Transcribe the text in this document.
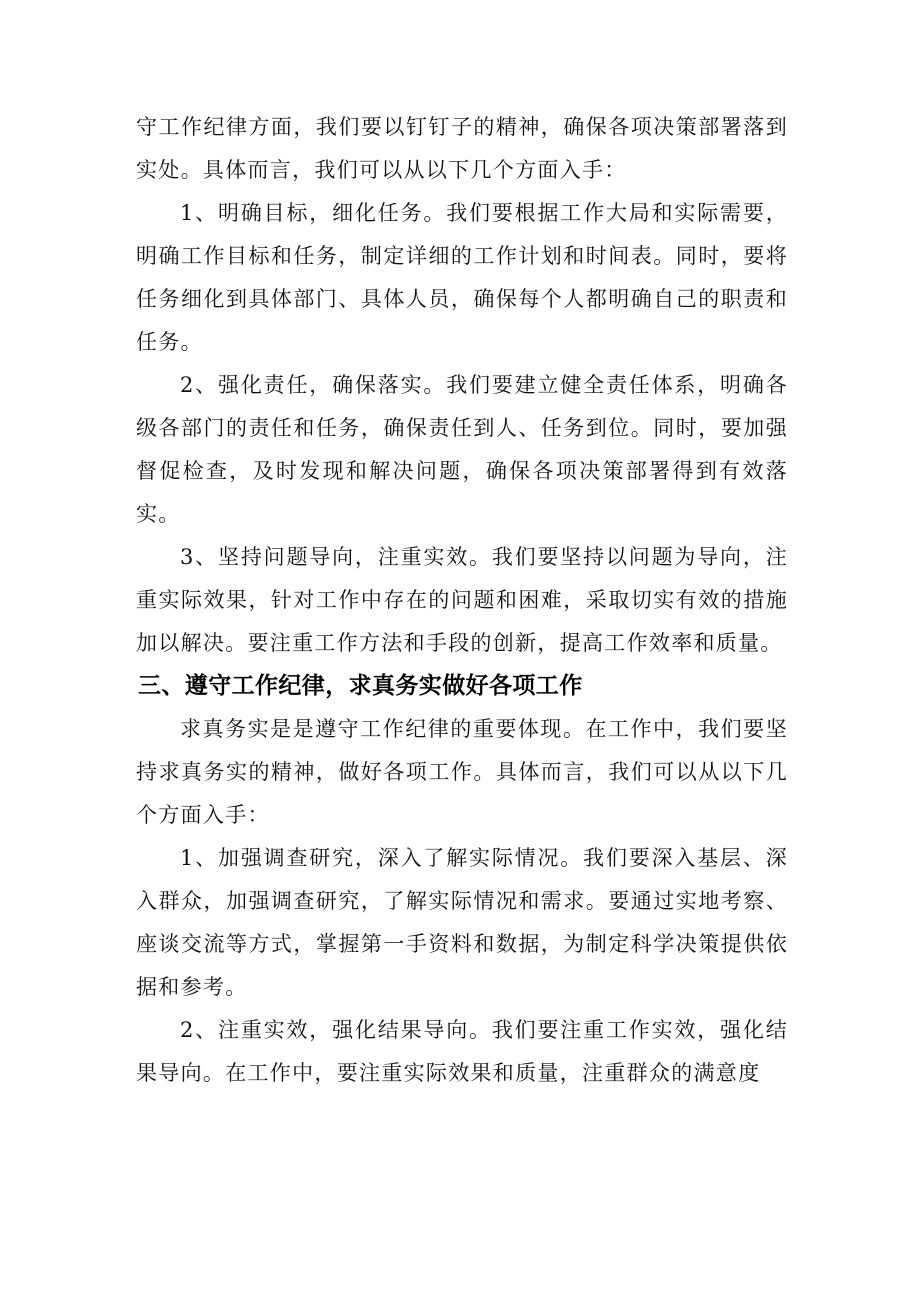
守工作纪律方面，我们要以钉钉子的精神，确保各项决策部署落到实处。具体而言，我们可以从以下几个方面入手：

1、明确目标，细化任务。我们要根据工作大局和实际需要，明确工作目标和任务，制定详细的工作计划和时间表。同时，要将任务细化到具体部门、具体人员，确保每个人都明确自己的职责和任务。

2、强化责任，确保落实。我们要建立健全责任体系，明确各级各部门的责任和任务，确保责任到人、任务到位。同时，要加强督促检查，及时发现和解决问题，确保各项决策部署得到有效落实。

3、坚持问题导向，注重实效。我们要坚持以问题为导向，注重实际效果，针对工作中存在的问题和困难，采取切实有效的措施加以解决。要注重工作方法和手段的创新，提高工作效率和质量。

三、遵守工作纪律，求真务实做好各项工作

求真务实是是遵守工作纪律的重要体现。在工作中，我们要坚持求真务实的精神，做好各项工作。具体而言，我们可以从以下几个方面入手：

1、加强调查研究，深入了解实际情况。我们要深入基层、深入群众，加强调查研究，了解实际情况和需求。要通过实地考察、座谈交流等方式，掌握第一手资料和数据，为制定科学决策提供依据和参考。

2、注重实效，强化结果导向。我们要注重工作实效，强化结果导向。在工作中，要注重实际效果和质量，注重群众的满意度
